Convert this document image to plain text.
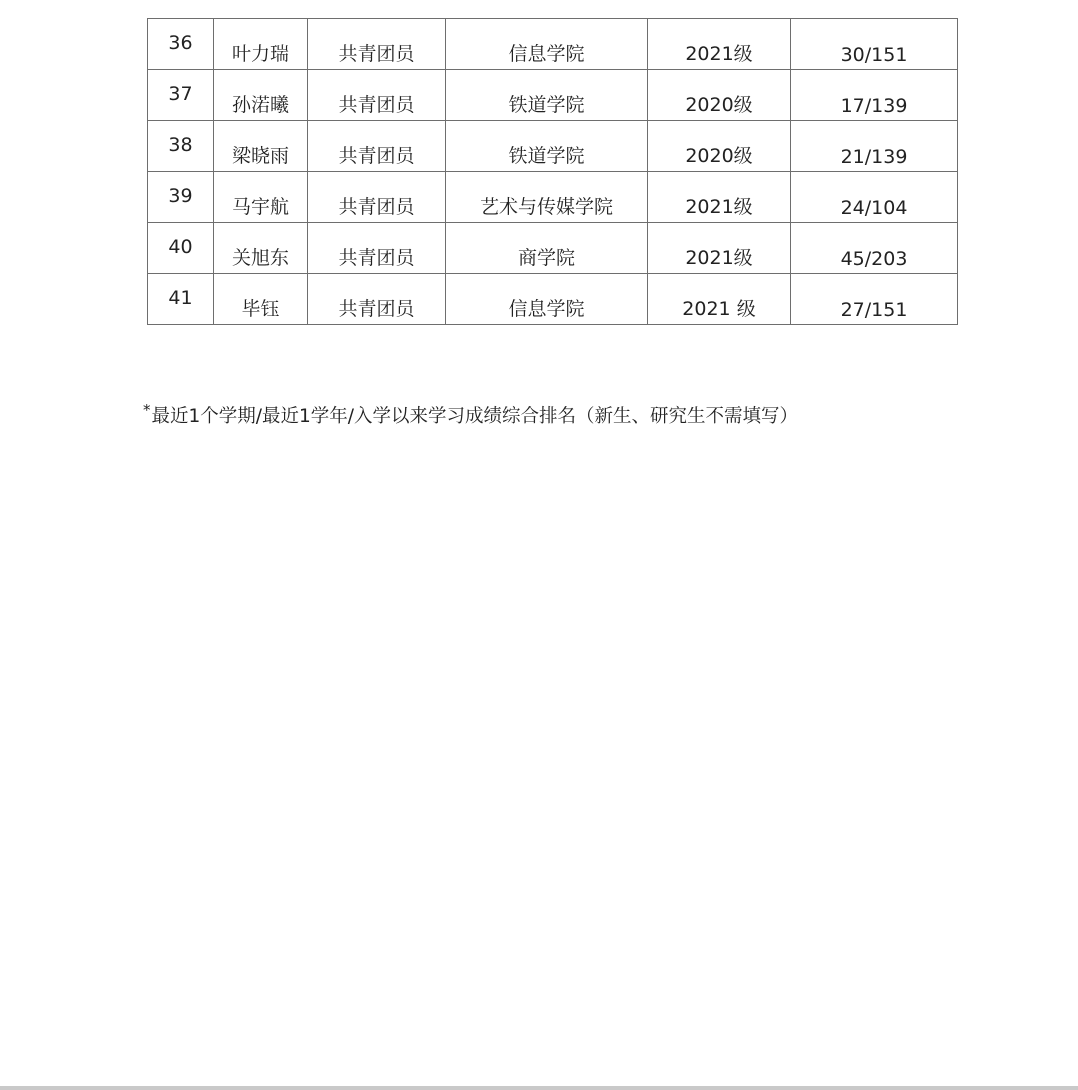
36	叶力瑞	共青团员	信息学院	2021级	30/151
37	孙渃曦	共青团员	铁道学院	2020级	17/139
38	梁晓雨	共青团员	铁道学院	2020级	21/139
39	马宇航	共青团员	艺术与传媒学院	2021级	24/104
40	关旭东	共青团员	商学院	2021级	45/203
41	毕钰	共青团员	信息学院	2021 级	27/151
*最近1个学期/最近1学年/入学以来学习成绩综合排名（新生、研究生不需填写）
